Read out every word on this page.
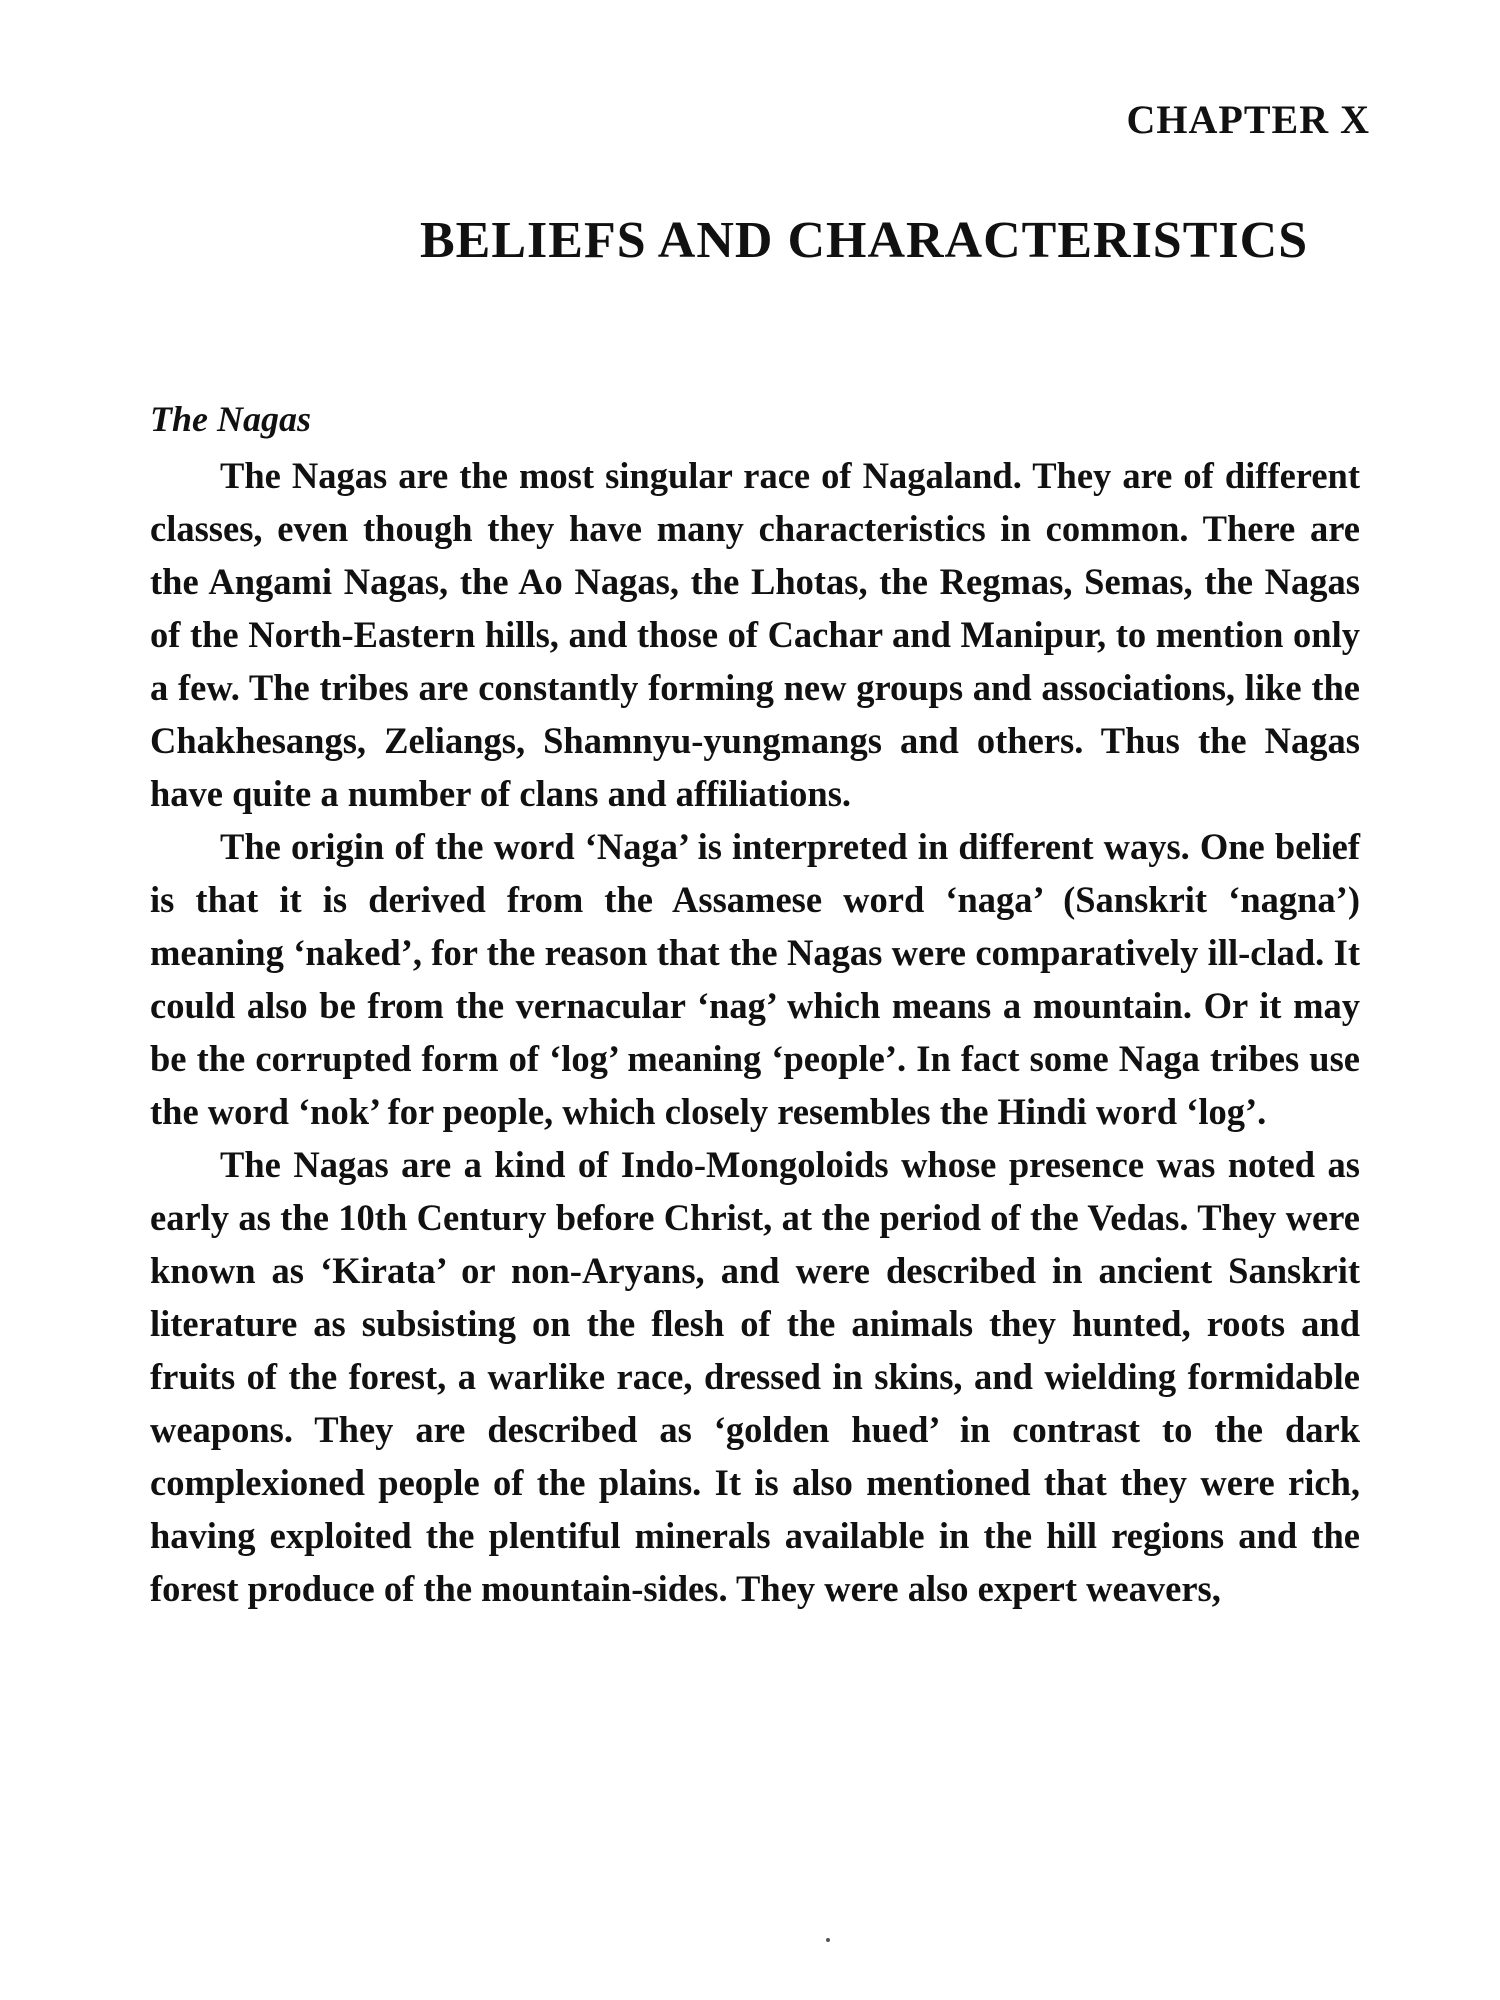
CHAPTER X
BELIEFS AND CHARACTERISTICS
The Nagas

The Nagas are the most singular race of Nagaland. They are of different classes, even though they have many characteristics in common. There are the Angami Nagas, the Ao Nagas, the Lhotas, the Regmas, Semas, the Nagas of the North-Eastern hills, and those of Cachar and Manipur, to mention only a few. The tribes are constantly forming new groups and associations, like the Chakhesangs, Zeliangs, Shamnyu-yungmangs and others. Thus the Nagas have quite a number of clans and affiliations.

The origin of the word ‘Naga’ is interpreted in different ways. One belief is that it is derived from the Assamese word ‘naga’ (Sanskrit ‘nagna’) meaning ‘naked’, for the reason that the Nagas were comparatively ill-clad. It could also be from the vernacular ‘nag’ which means a mountain. Or it may be the corrupted form of ‘log’ meaning ‘people’. In fact some Naga tribes use the word ‘nok’ for people, which closely resembles the Hindi word ‘log’.

The Nagas are a kind of Indo-Mongoloids whose presence was noted as early as the 10th Century before Christ, at the period of the Vedas. They were known as ‘Kirata’ or non-Aryans, and were described in ancient Sanskrit literature as subsisting on the flesh of the animals they hunted, roots and fruits of the forest, a warlike race, dressed in skins, and wielding formidable weapons. They are described as ‘golden hued’ in contrast to the dark complexioned people of the plains. It is also mentioned that they were rich, having exploited the plentiful minerals available in the hill regions and the forest produce of the mountain-sides. They were also expert weavers,
